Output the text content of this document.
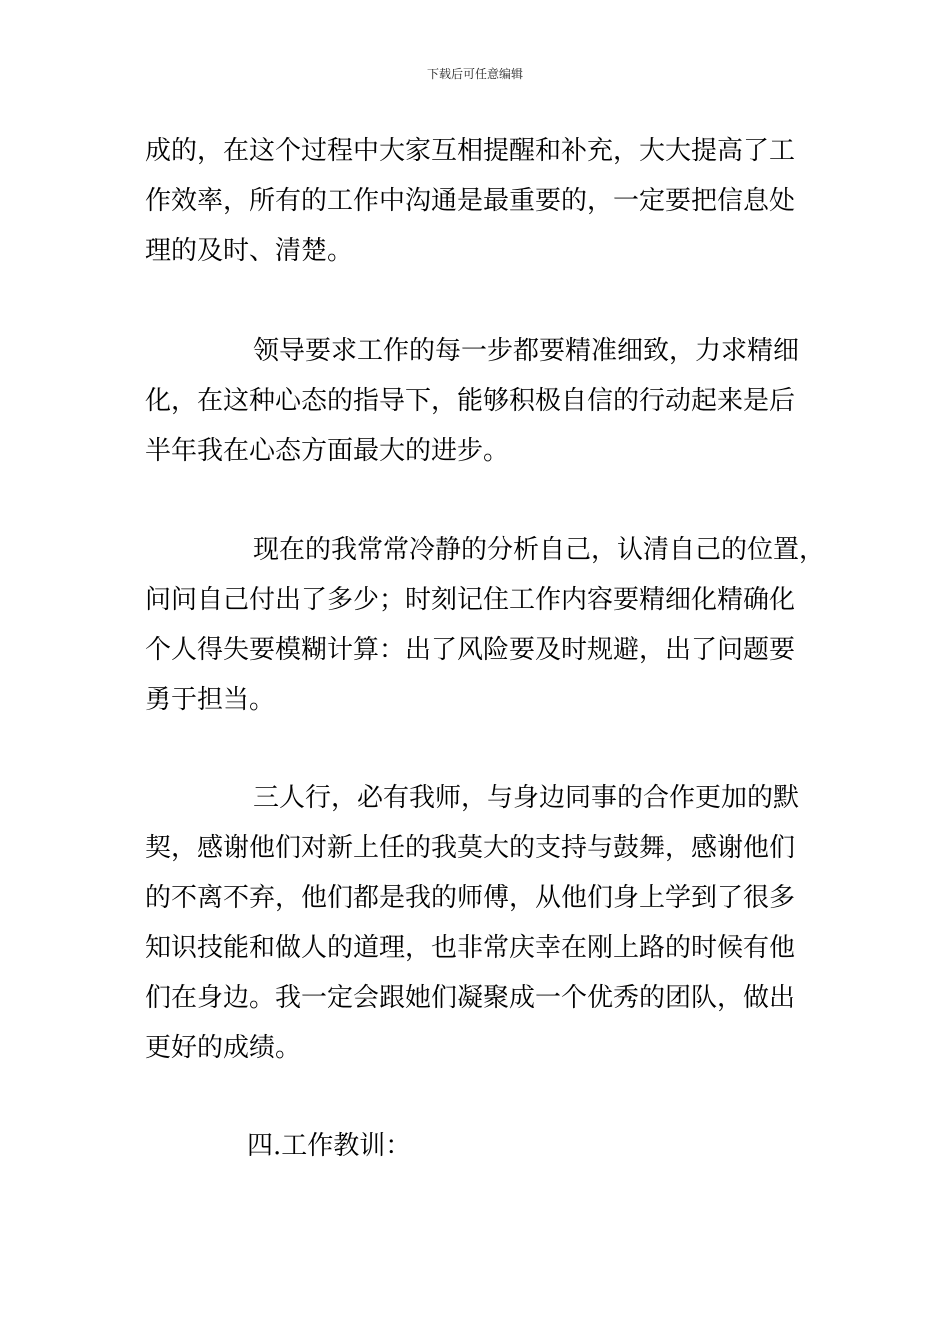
下载后可任意编辑
成的，在这个过程中大家互相提醒和补充，大大提高了工
作效率，所有的工作中沟通是最重要的，一定要把信息处
理的及时、清楚。
领导要求工作的每一步都要精准细致，力求精细
化，在这种心态的指导下，能够积极自信的行动起来是后
半年我在心态方面最大的进步。
现在的我常常冷静的分析自己，认清自己的位置，
问问自己付出了多少；时刻记住工作内容要精细化精确化
个人得失要模糊计算：出了风险要及时规避，出了问题要
勇于担当。
三人行，必有我师，与身边同事的合作更加的默
契，感谢他们对新上任的我莫大的支持与鼓舞，感谢他们
的不离不弃，他们都是我的师傅，从他们身上学到了很多
知识技能和做人的道理，也非常庆幸在刚上路的时候有他
们在身边。我一定会跟她们凝聚成一个优秀的团队，做出
更好的成绩。
四.工作教训：
